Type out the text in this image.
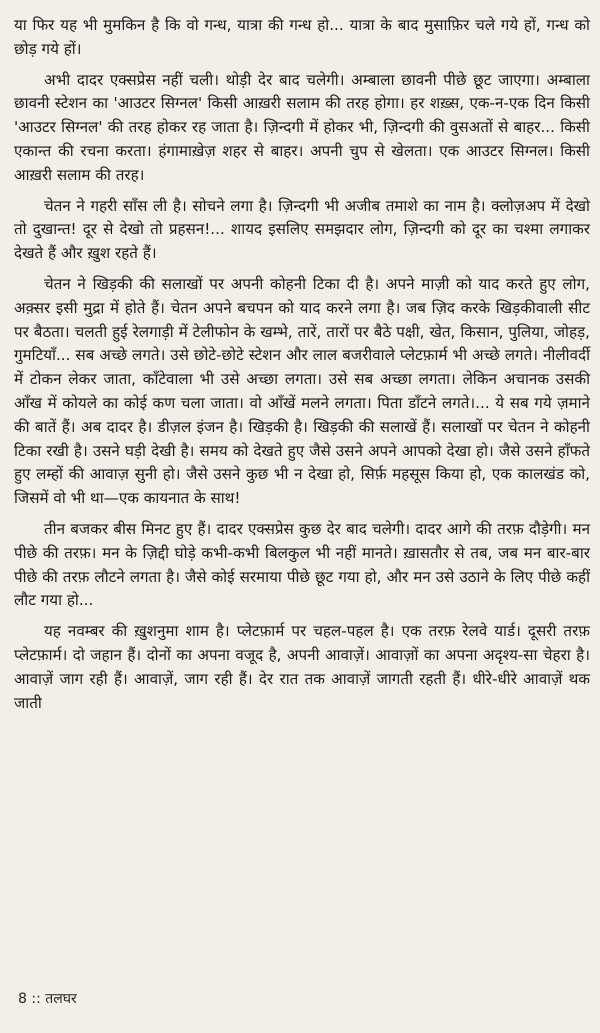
या फिर यह भी मुमकिन है कि वो गन्ध, यात्रा की गन्ध हो... यात्रा के बाद मुसाफ़िर चले गये हों, गन्ध को छोड़ गये हों।

अभी दादर एक्सप्रेस नहीं चली। थोड़ी देर बाद चलेगी। अम्बाला छावनी पीछे छूट जाएगा। अम्बाला छावनी स्टेशन का 'आउटर सिग्नल' किसी आख़री सलाम की तरह होगा। हर शख़्स, एक-न-एक दिन किसी 'आउटर सिग्नल' की तरह होकर रह जाता है। ज़िन्दगी में होकर भी, ज़िन्दगी की वुसअतों से बाहर... किसी एकान्त की रचना करता। हंगामाख़ेज़ शहर से बाहर। अपनी चुप से खेलता। एक आउटर सिग्नल। किसी आख़री सलाम की तरह।

चेतन ने गहरी साँस ली है। सोचने लगा है। ज़िन्दगी भी अजीब तमाशे का नाम है। क्लोज़अप में देखो तो दुखान्त! दूर से देखो तो प्रहसन!... शायद इसलिए समझदार लोग, ज़िन्दगी को दूर का चश्मा लगाकर देखते हैं और ख़ुश रहते हैं।

चेतन ने खिड़की की सलाखों पर अपनी कोहनी टिका दी है। अपने माज़ी को याद करते हुए लोग, अक़्सर इसी मुद्रा में होते हैं। चेतन अपने बचपन को याद करने लगा है। जब ज़िद करके खिड़कीवाली सीट पर बैठता। चलती हुई रेलगाड़ी में टेलीफोन के खम्भे, तारें, तारों पर बैठे पक्षी, खेत, किसान, पुलिया, जोहड़, गुमटियाँ... सब अच्छे लगते। उसे छोटे-छोटे स्टेशन और लाल बजरीवाले प्लेटफ़ार्म भी अच्छे लगते। नीलीवर्दी में टोकन लेकर जाता, काँटेवाला भी उसे अच्छा लगता। उसे सब अच्छा लगता। लेकिन अचानक उसकी आँख में कोयले का कोई कण चला जाता। वो आँखें मलने लगता। पिता डाँटने लगते।... ये सब गये ज़माने की बातें हैं। अब दादर है। डीज़ल इंजन है। खिड़की है। खिड़की की सलाखें हैं। सलाखों पर चेतन ने कोहनी टिका रखी है। उसने घड़ी देखी है। समय को देखते हुए जैसे उसने अपने आपको देखा हो। जैसे उसने हाँफते हुए लम्हों की आवाज़ सुनी हो। जैसे उसने कुछ भी न देखा हो, सिर्फ़ महसूस किया हो, एक कालखंड को, जिसमें वो भी था—एक कायनात के साथ!

तीन बजकर बीस मिनट हुए हैं। दादर एक्सप्रेस कुछ देर बाद चलेगी। दादर आगे की तरफ़ दौड़ेगी। मन पीछे की तरफ़। मन के ज़िद्दी घोड़े कभी-कभी बिलकुल भी नहीं मानते। ख़ासतौर से तब, जब मन बार-बार पीछे की तरफ़ लौटने लगता है। जैसे कोई सरमाया पीछे छूट गया हो, और मन उसे उठाने के लिए पीछे कहीं लौट गया हो...

यह नवम्बर की ख़ुशनुमा शाम है। प्लेटफ़ार्म पर चहल-पहल है। एक तरफ़ रेलवे यार्ड। दूसरी तरफ़ प्लेटफ़ार्म। दो जहान हैं। दोनों का अपना वजूद है, अपनी आवाज़ें। आवाज़ों का अपना अदृश्य-सा चेहरा है। आवाज़ें जाग रही हैं। आवाज़ें, जाग रही हैं। देर रात तक आवाज़ें जागती रहती हैं। धीरे-धीरे आवाज़ें थक जाती

8 :: तलघर
